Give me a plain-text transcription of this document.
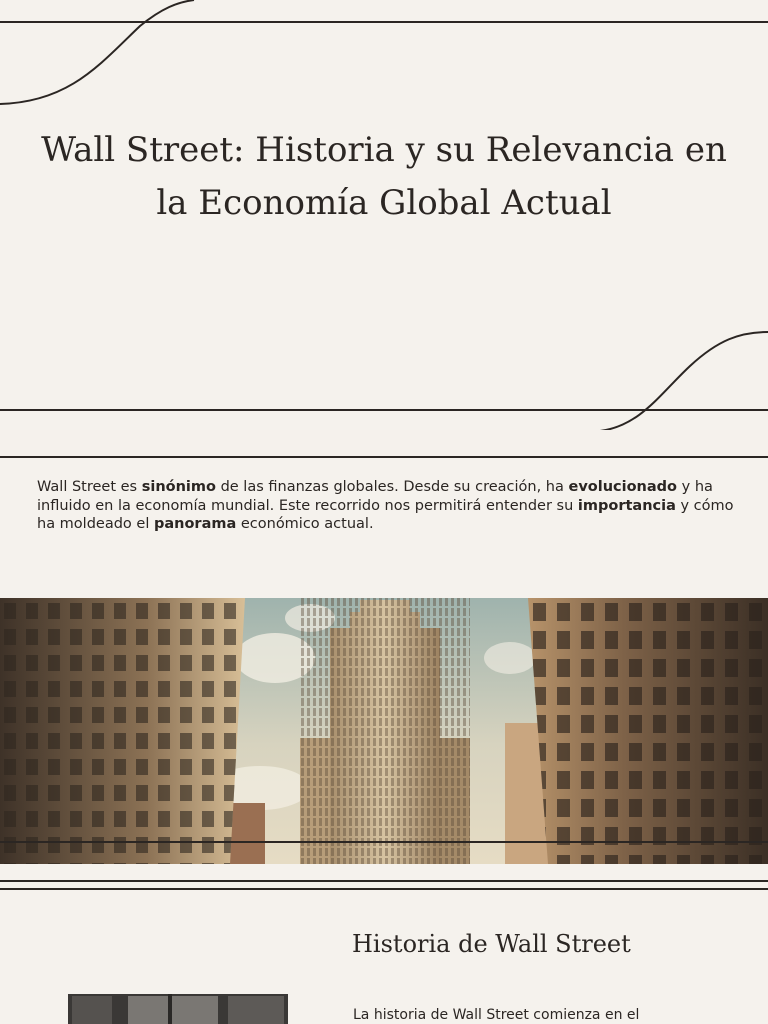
Wall Street: Historia y su Relevancia en la Economía Global Actual

Wall Street es sinónimo de las finanzas globales. Desde su creación, ha evolucionado y ha influido en la economía mundial. Este recorrido nos permitirá entender su importancia y cómo ha moldeado el panorama económico actual.

Historia de Wall Street

La historia de Wall Street comienza en el
